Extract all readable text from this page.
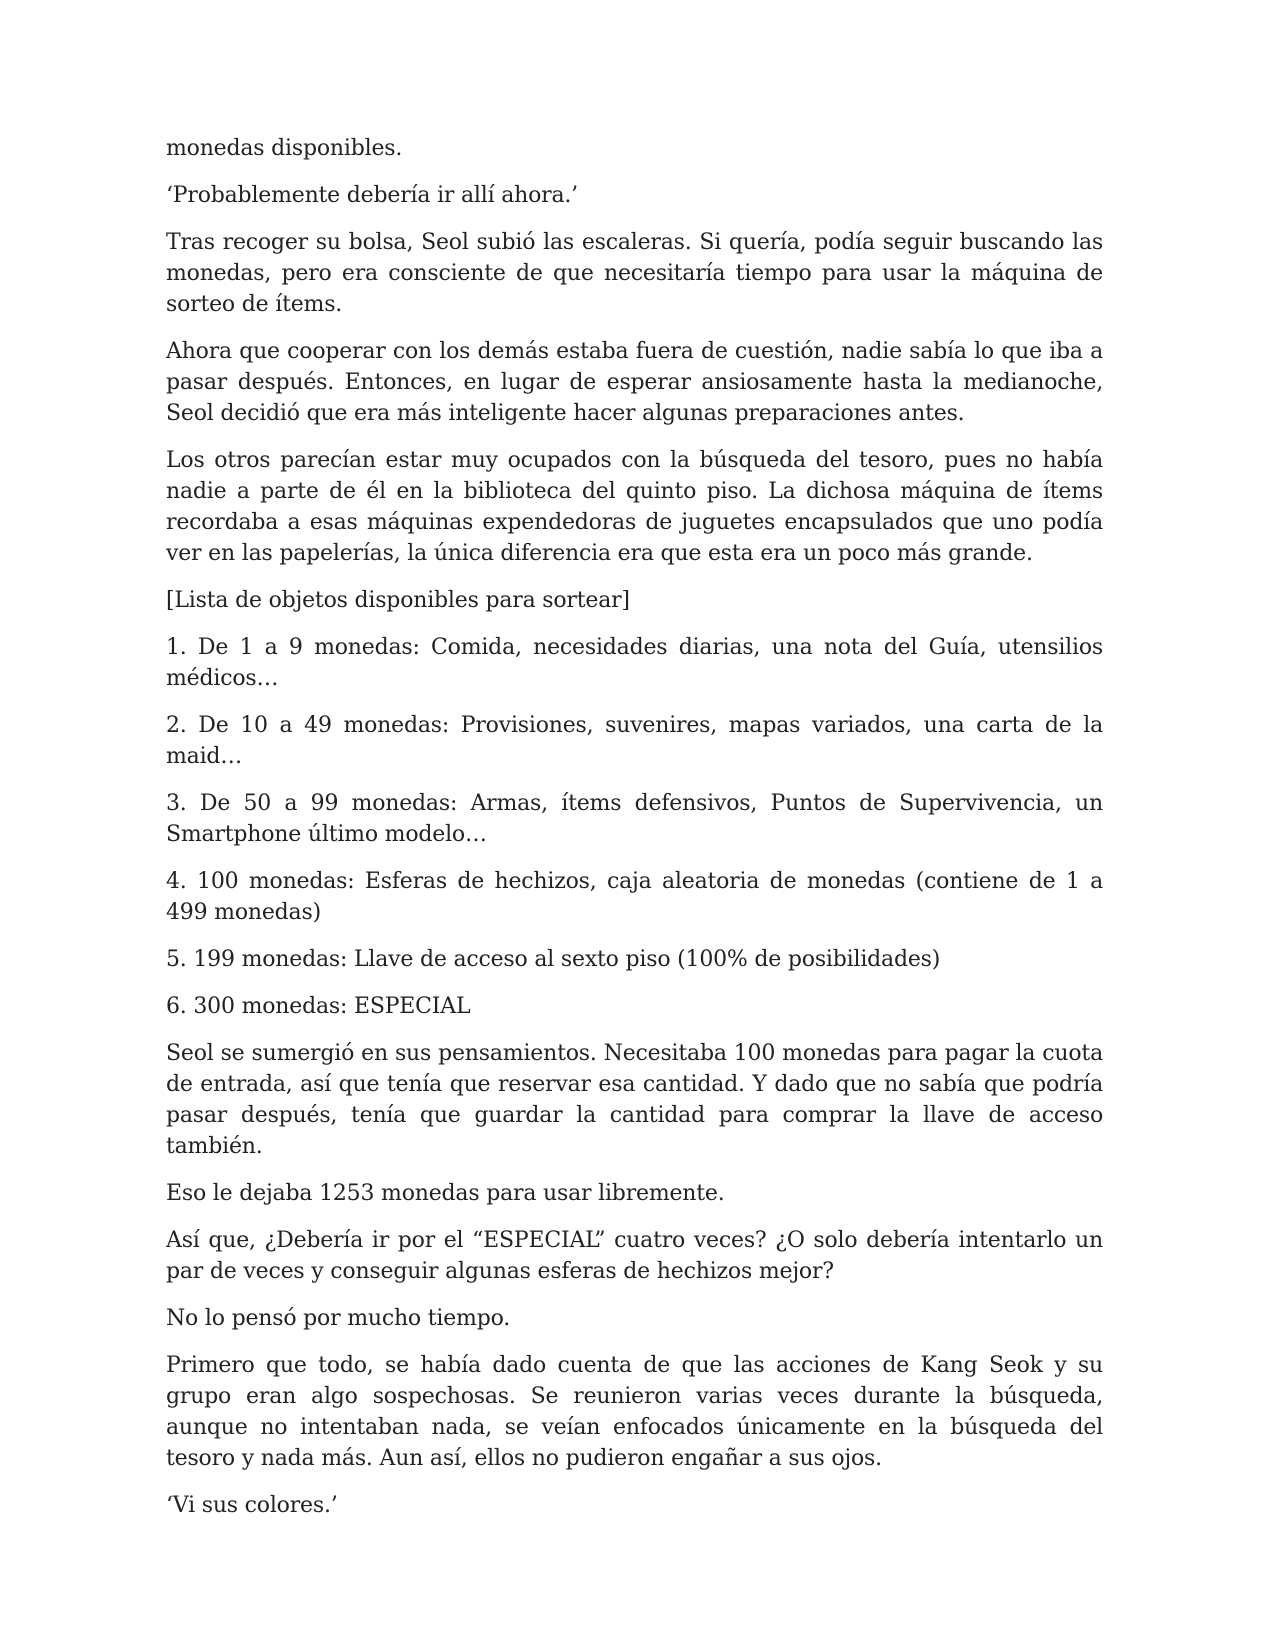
monedas disponibles.

‘Probablemente debería ir allí ahora.’

Tras recoger su bolsa, Seol subió las escaleras. Si quería, podía seguir buscando las monedas, pero era consciente de que necesitaría tiempo para usar la máquina de sorteo de ítems.

Ahora que cooperar con los demás estaba fuera de cuestión, nadie sabía lo que iba a pasar después. Entonces, en lugar de esperar ansiosamente hasta la medianoche, Seol decidió que era más inteligente hacer algunas preparaciones antes.

Los otros parecían estar muy ocupados con la búsqueda del tesoro, pues no había nadie a parte de él en la biblioteca del quinto piso. La dichosa máquina de ítems recordaba a esas máquinas expendedoras de juguetes encapsulados que uno podía ver en las papelerías, la única diferencia era que esta era un poco más grande.

[Lista de objetos disponibles para sortear]

1. De 1 a 9 monedas: Comida, necesidades diarias, una nota del Guía, utensilios médicos…

2. De 10 a 49 monedas: Provisiones, suvenires, mapas variados, una carta de la maid…

3. De 50 a 99 monedas: Armas, ítems defensivos, Puntos de Supervivencia, un Smartphone último modelo…

4. 100 monedas: Esferas de hechizos, caja aleatoria de monedas (contiene de 1 a 499 monedas)

5. 199 monedas: Llave de acceso al sexto piso (100% de posibilidades)

6. 300 monedas: ESPECIAL

Seol se sumergió en sus pensamientos. Necesitaba 100 monedas para pagar la cuota de entrada, así que tenía que reservar esa cantidad. Y dado que no sabía que podría pasar después, tenía que guardar la cantidad para comprar la llave de acceso también.

Eso le dejaba 1253 monedas para usar libremente.

Así que, ¿Debería ir por el “ESPECIAL” cuatro veces? ¿O solo debería intentarlo un par de veces y conseguir algunas esferas de hechizos mejor?

No lo pensó por mucho tiempo.

Primero que todo, se había dado cuenta de que las acciones de Kang Seok y su grupo eran algo sospechosas. Se reunieron varias veces durante la búsqueda, aunque no intentaban nada, se veían enfocados únicamente en la búsqueda del tesoro y nada más. Aun así, ellos no pudieron engañar a sus ojos.

‘Vi sus colores.’
